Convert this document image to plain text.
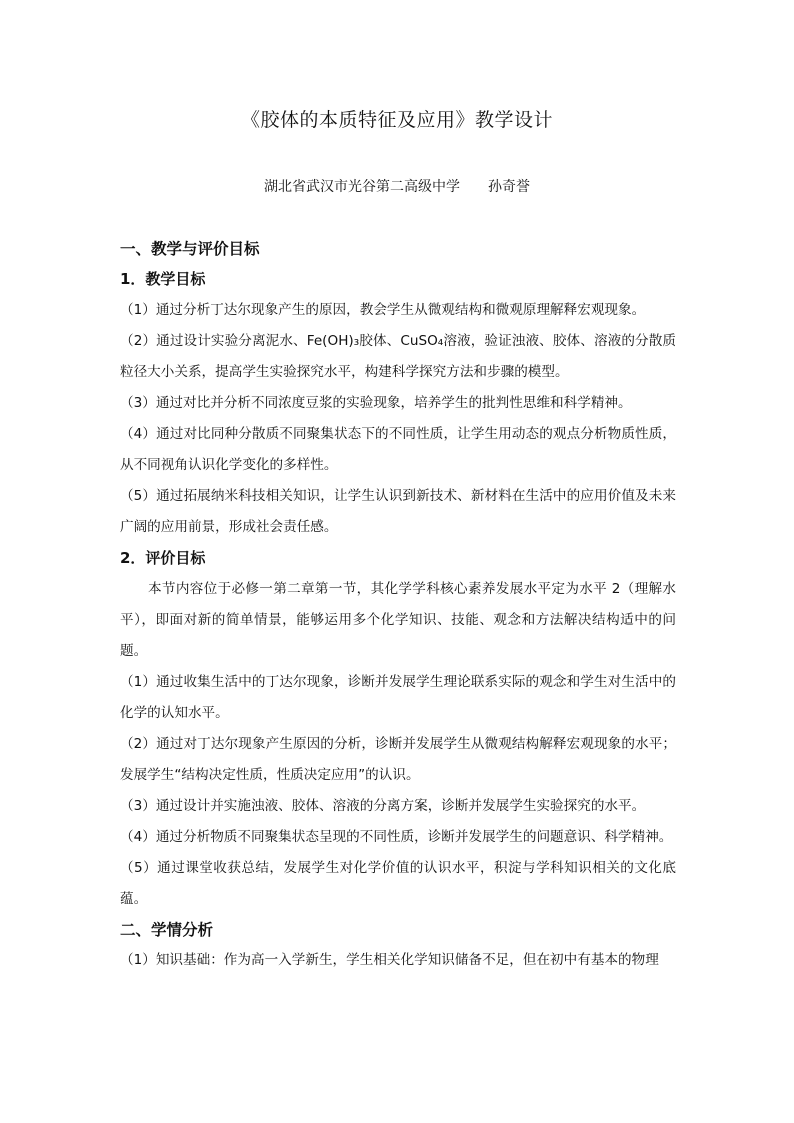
《胶体的本质特征及应用》教学设计
湖北省武汉市光谷第二高级中学 孙奇誉
一、教学与评价目标
1．教学目标
（1）通过分析丁达尔现象产生的原因，教会学生从微观结构和微观原理解释宏观现象。
（2）通过设计实验分离泥水、Fe(OH)₃胶体、CuSO₄溶液，验证浊液、胶体、溶液的分散质粒径大小关系，提高学生实验探究水平，构建科学探究方法和步骤的模型。
（3）通过对比并分析不同浓度豆浆的实验现象，培养学生的批判性思维和科学精神。
（4）通过对比同种分散质不同聚集状态下的不同性质，让学生用动态的观点分析物质性质，从不同视角认识化学变化的多样性。
（5）通过拓展纳米科技相关知识，让学生认识到新技术、新材料在生活中的应用价值及未来广阔的应用前景，形成社会责任感。
2．评价目标
本节内容位于必修一第二章第一节，其化学学科核心素养发展水平定为水平 2（理解水平），即面对新的简单情景，能够运用多个化学知识、技能、观念和方法解决结构适中的问题。
（1）通过收集生活中的丁达尔现象，诊断并发展学生理论联系实际的观念和学生对生活中的化学的认知水平。
（2）通过对丁达尔现象产生原因的分析，诊断并发展学生从微观结构解释宏观现象的水平；发展学生“结构决定性质，性质决定应用”的认识。
（3）通过设计并实施浊液、胶体、溶液的分离方案，诊断并发展学生实验探究的水平。
（4）通过分析物质不同聚集状态呈现的不同性质，诊断并发展学生的问题意识、科学精神。
（5）通过课堂收获总结，发展学生对化学价值的认识水平，积淀与学科知识相关的文化底蕴。
二、学情分析
（1）知识基础：作为高一入学新生，学生相关化学知识储备不足，但在初中有基本的物理
